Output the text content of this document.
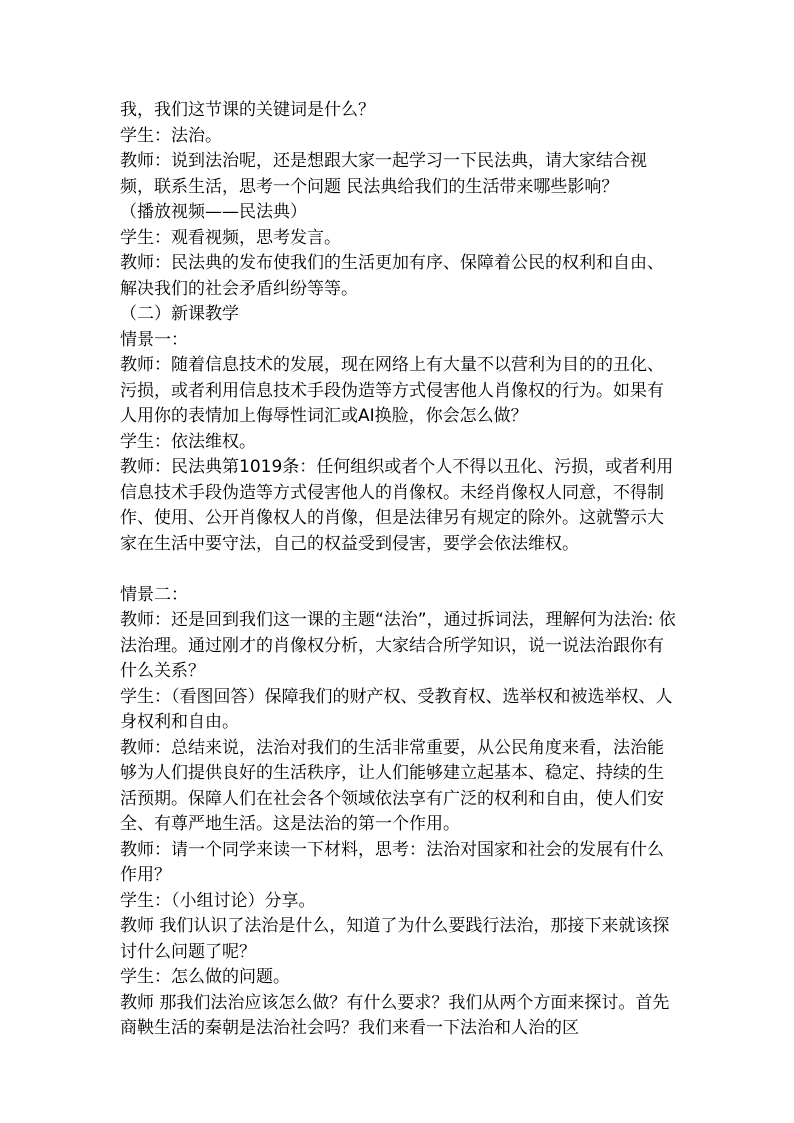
我，我们这节课的关键词是什么？

学生：法治。

教师：说到法治呢，还是想跟大家一起学习一下民法典，请大家结合视频，联系生活，思考一个问题 民法典给我们的生活带来哪些影响？

（播放视频——民法典）

学生：观看视频，思考发言。

教师：民法典的发布使我们的生活更加有序、保障着公民的权利和自由、解决我们的社会矛盾纠纷等等。

（二）新课教学

情景一：

教师：随着信息技术的发展，现在网络上有大量不以营利为目的的丑化、污损，或者利用信息技术手段伪造等方式侵害他人肖像权的行为。如果有人用你的表情加上侮辱性词汇或AI换脸，你会怎么做？

学生：依法维权。

教师：民法典第1019条：任何组织或者个人不得以丑化、污损，或者利用信息技术手段伪造等方式侵害他人的肖像权。未经肖像权人同意，不得制作、使用、公开肖像权人的肖像，但是法律另有规定的除外。这就警示大家在生活中要守法，自己的权益受到侵害，要学会依法维权。

情景二：

教师：还是回到我们这一课的主题“法治”，通过拆词法，理解何为法治: 依法治理。通过刚才的肖像权分析，大家结合所学知识，说一说法治跟你有什么关系？

学生：（看图回答）保障我们的财产权、受教育权、选举权和被选举权、人身权利和自由。

教师：总结来说，法治对我们的生活非常重要，从公民角度来看，法治能够为人们提供良好的生活秩序，让人们能够建立起基本、稳定、持续的生活预期。保障人们在社会各个领域依法享有广泛的权利和自由，使人们安全、有尊严地生活。这是法治的第一个作用。

教师：请一个同学来读一下材料，思考：法治对国家和社会的发展有什么作用？

学生：（小组讨论）分享。

教师 我们认识了法治是什么，知道了为什么要践行法治，那接下来就该探讨什么问题了呢？

学生：怎么做的问题。

教师 那我们法治应该怎么做？有什么要求？我们从两个方面来探讨。首先商鞅生活的秦朝是法治社会吗？我们来看一下法治和人治的区
